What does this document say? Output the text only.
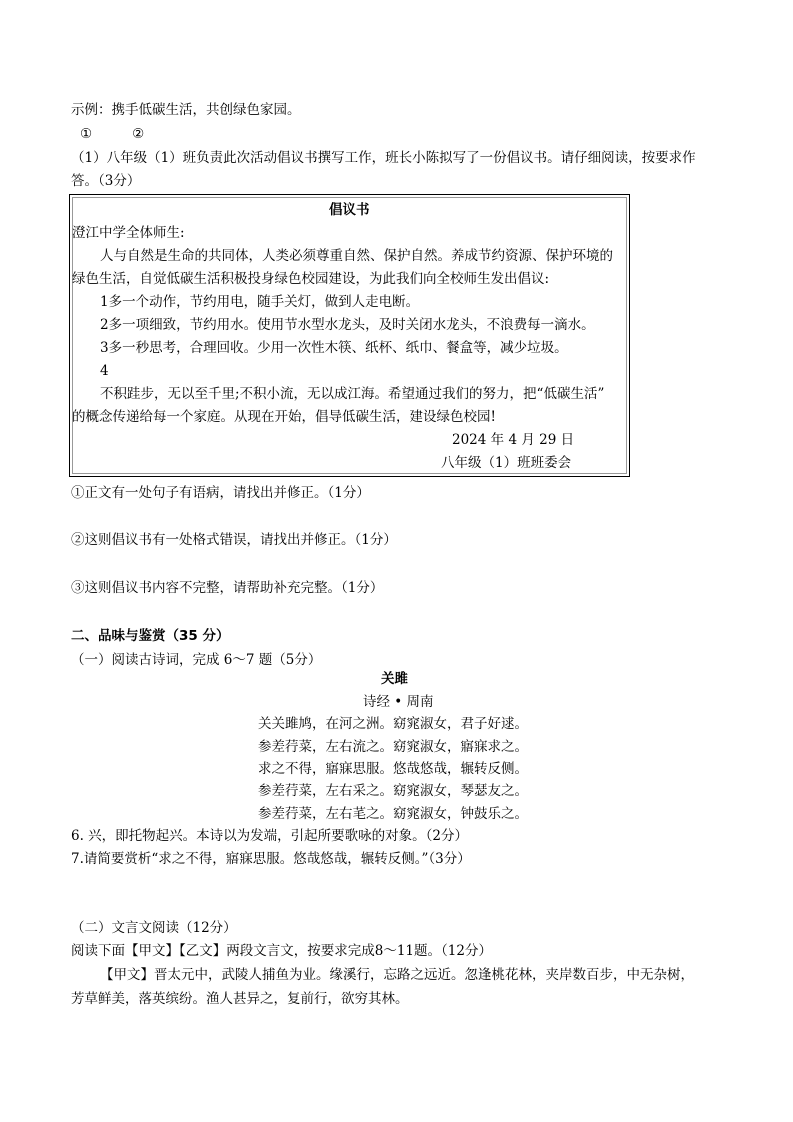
示例：携手低碳生活，共创绿色家园。
①	②
（1）八年级（1）班负责此次活动倡议书撰写工作，班长小陈拟写了一份倡议书。请仔细阅读，按要求作
答。（3分）
倡议书
澄江中学全体师生:
人与自然是生命的共同体，人类必须尊重自然、保护自然。养成节约资源、保护环境的
绿色生活，自觉低碳生活积极投身绿色校园建设，为此我们向全校师生发出倡议:
1多一个动作，节约用电，随手关灯，做到人走电断。
2多一项细致，节约用水。使用节水型水龙头，及时关闭水龙头，不浪费每一滴水。
3多一秒思考，合理回收。少用一次性木筷、纸杯、纸巾、餐盒等，减少垃圾。
4
不积跬步，无以至千里;不积小流，无以成江海。希望通过我们的努力，把“低碳生活”
的概念传递给每一个家庭。从现在开始，倡导低碳生活，建设绿色校园!
2024 年 4 月 29 日
八年级（1）班班委会
①正文有一处句子有语病，请找出并修正。（1分）
②这则倡议书有一处格式错误，请找出并修正。（1分）
③这则倡议书内容不完整，请帮助补充完整。（1分）
二、品味与鉴赏（35 分）
（一）阅读古诗词，完成 6～7 题（5分）
关雎
诗经 • 周南
关关雎鸠，在河之洲。窈窕淑女，君子好逑。
参差荇菜，左右流之。窈窕淑女，寤寐求之。
求之不得，寤寐思服。悠哉悠哉，辗转反侧。
参差荇菜，左右采之。窈窕淑女，琴瑟友之。
参差荇菜，左右芼之。窈窕淑女，钟鼓乐之。
6. 兴，即托物起兴。本诗以为发端，引起所要歌咏的对象。（2分）
7.请简要赏析“求之不得，寤寐思服。悠哉悠哉，辗转反侧。”（3分）
（二）文言文阅读（12分）
阅读下面【甲文】【乙文】两段文言文，按要求完成8～11题。（12分）
【甲文】晋太元中，武陵人捕鱼为业。缘溪行，忘路之远近。忽逢桃花林，夹岸数百步，中无杂树，
芳草鲜美，落英缤纷。渔人甚异之，复前行，欲穷其林。
